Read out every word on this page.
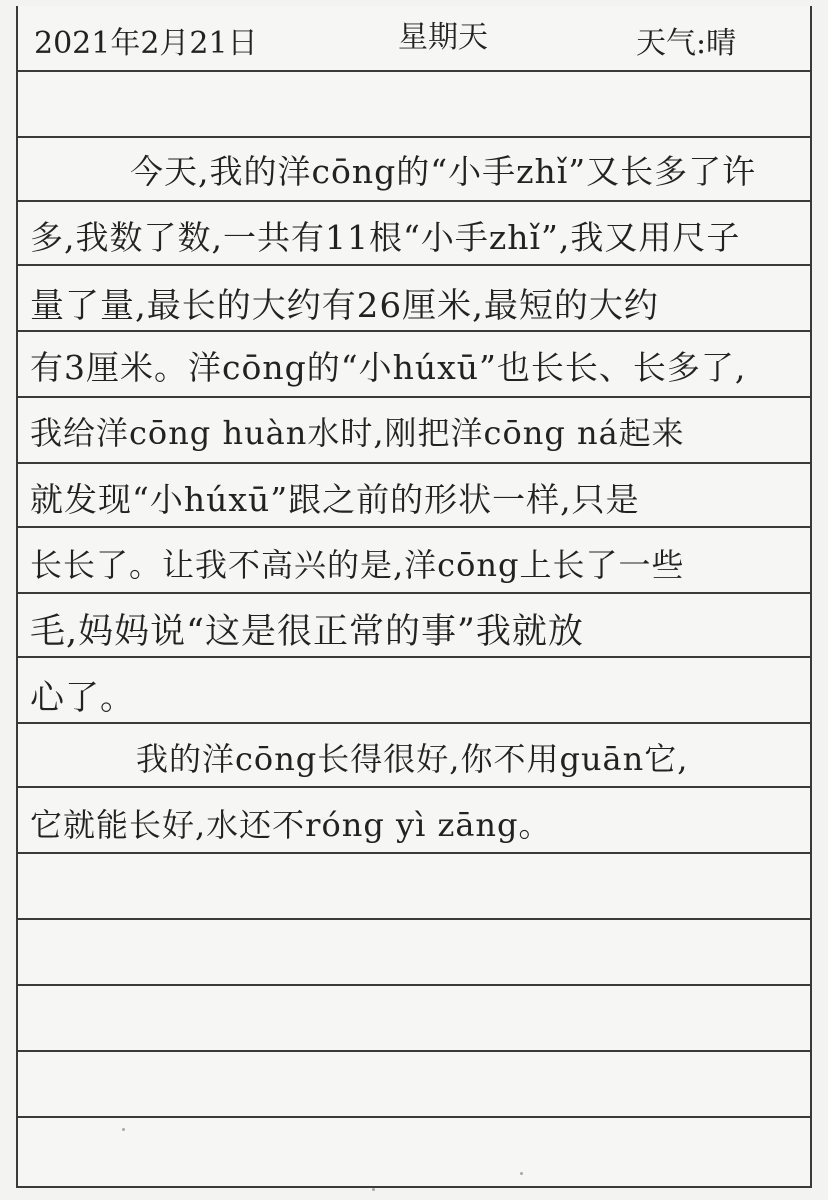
2021年2月21日	星期天	天气:晴
今天,我的洋cōng的“小手zhǐ”又长多了许
多,我数了数,一共有11根“小手zhǐ”,我又用尺子
量了量,最长的大约有26厘米,最短的大约
有3厘米。洋cōng的“小húxū”也长长、长多了,
我给洋cōng huàn水时,刚把洋cōng ná起来
就发现“小húxū”跟之前的形状一样,只是
长长了。让我不高兴的是,洋cōng上长了一些
毛,妈妈说“这是很正常的事”我就放
心了。
我的洋cōng长得很好,你不用guān它,
它就能长好,水还不róng yì zāng。
